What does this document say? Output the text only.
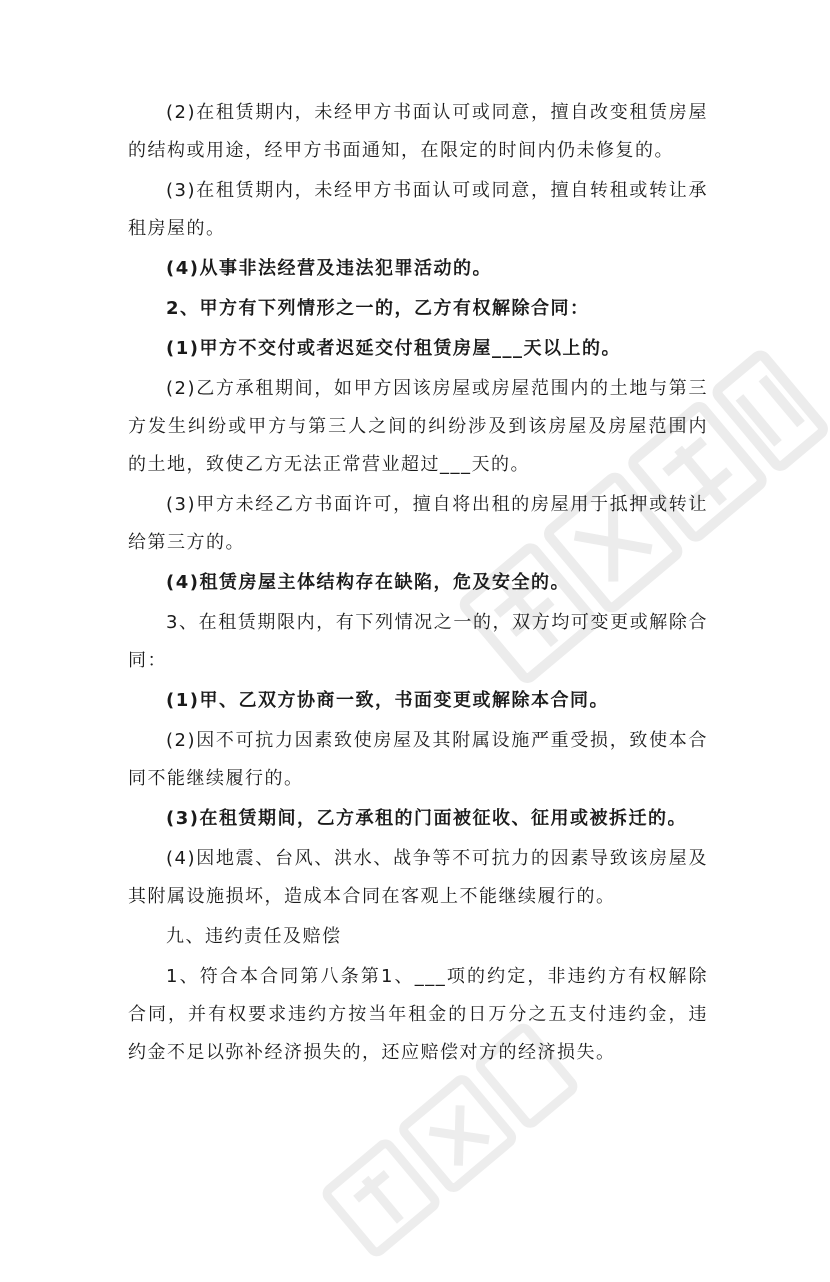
(2)在租赁期内，未经甲方书面认可或同意，擅自改变租赁房屋的结构或用途，经甲方书面通知，在限定的时间内仍未修复的。

(3)在租赁期内，未经甲方书面认可或同意，擅自转租或转让承租房屋的。

(4)从事非法经营及违法犯罪活动的。

2、甲方有下列情形之一的，乙方有权解除合同：

(1)甲方不交付或者迟延交付租赁房屋___天以上的。

(2)乙方承租期间，如甲方因该房屋或房屋范围内的土地与第三方发生纠纷或甲方与第三人之间的纠纷涉及到该房屋及房屋范围内的土地，致使乙方无法正常营业超过___天的。

(3)甲方未经乙方书面许可，擅自将出租的房屋用于抵押或转让给第三方的。

(4)租赁房屋主体结构存在缺陷，危及安全的。

3、在租赁期限内，有下列情况之一的，双方均可变更或解除合同：

(1)甲、乙双方协商一致，书面变更或解除本合同。

(2)因不可抗力因素致使房屋及其附属设施严重受损，致使本合同不能继续履行的。

(3)在租赁期间，乙方承租的门面被征收、征用或被拆迁的。

(4)因地震、台风、洪水、战争等不可抗力的因素导致该房屋及其附属设施损坏，造成本合同在客观上不能继续履行的。

九、违约责任及赔偿

1、符合本合同第八条第1、___项的约定，非违约方有权解除合同，并有权要求违约方按当年租金的日万分之五支付违约金，违约金不足以弥补经济损失的，还应赔偿对方的经济损失。
